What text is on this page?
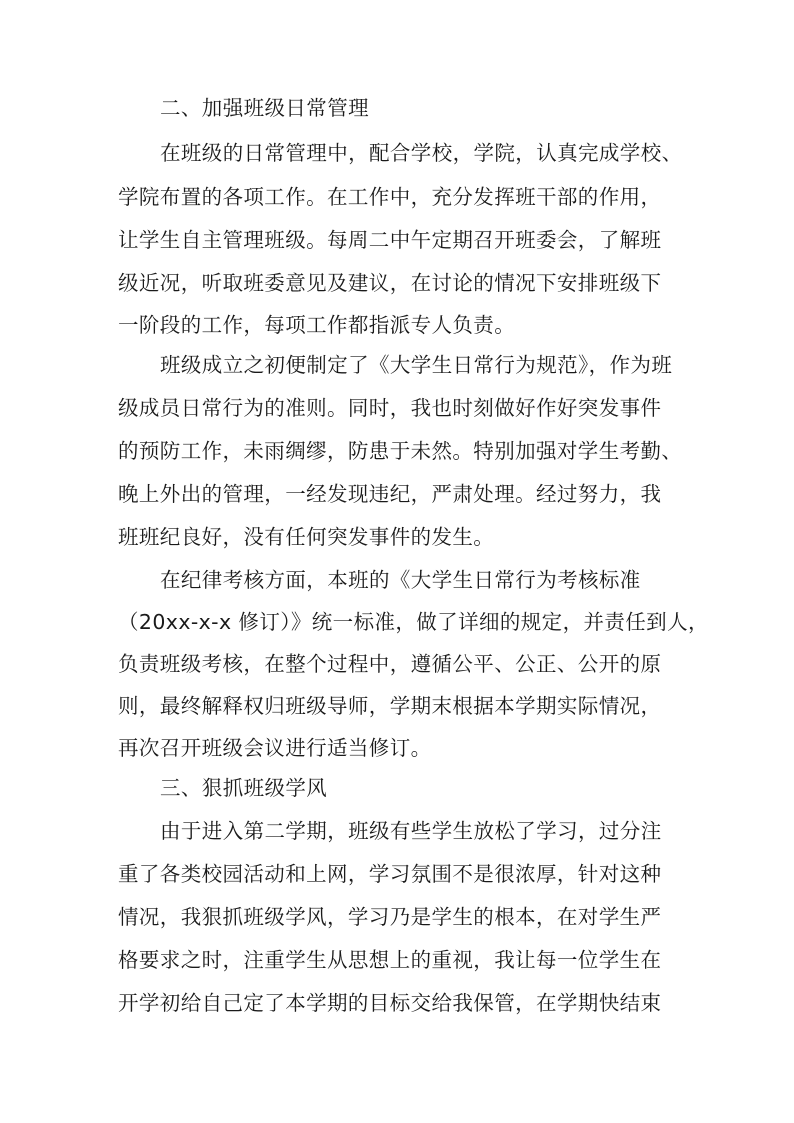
二、加强班级日常管理
在班级的日常管理中，配合学校，学院，认真完成学校、
学院布置的各项工作。在工作中，充分发挥班干部的作用，
让学生自主管理班级。每周二中午定期召开班委会，了解班
级近况，听取班委意见及建议，在讨论的情况下安排班级下
一阶段的工作，每项工作都指派专人负责。
班级成立之初便制定了《大学生日常行为规范》，作为班
级成员日常行为的准则。同时，我也时刻做好作好突发事件
的预防工作，未雨绸缪，防患于未然。特别加强对学生考勤、
晚上外出的管理，一经发现违纪，严肃处理。经过努力，我
班班纪良好，没有任何突发事件的发生。
在纪律考核方面，本班的《大学生日常行为考核标准
（20xx-x-x 修订）》统一标准，做了详细的规定，并责任到人，
负责班级考核，在整个过程中，遵循公平、公正、公开的原
则，最终解释权归班级导师，学期末根据本学期实际情况，
再次召开班级会议进行适当修订。
三、狠抓班级学风
由于进入第二学期，班级有些学生放松了学习，过分注
重了各类校园活动和上网，学习氛围不是很浓厚，针对这种
情况，我狠抓班级学风，学习乃是学生的根本，在对学生严
格要求之时，注重学生从思想上的重视，我让每一位学生在
开学初给自己定了本学期的目标交给我保管，在学期快结束
